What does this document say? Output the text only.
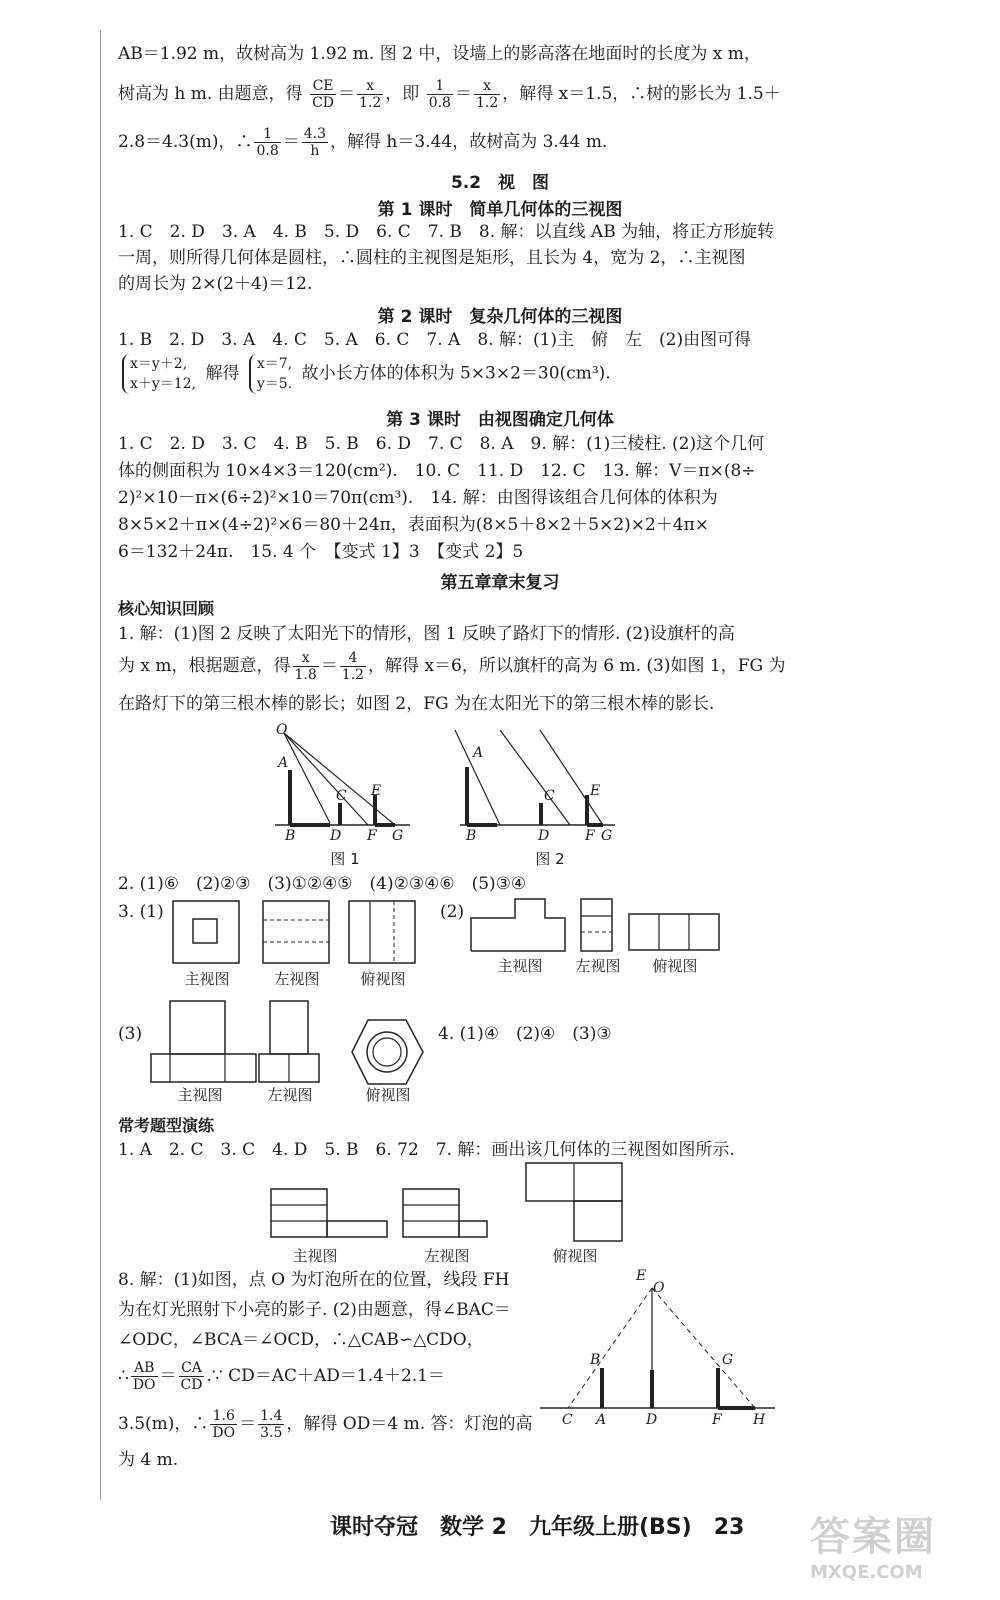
AB＝1.92 m，故树高为 1.92 m. 图 2 中，设墙上的影高落在地面时的长度为 x m，
树高为 h m. 由题意，得 $\frac{CE}{CD} = \frac{x}{1.2}$ ，即 $\frac{1}{0.8} = \frac{x}{1.2}$ ，解得 x＝1.5，∴树的影长为 1.5＋
2.8＝4.3(m)，∴ $\frac{1}{0.8} = \frac{4.3}{h}$ ，解得 h＝3.44，故树高为 3.44 m.
5.2　视　图
第 1 课时　简单几何体的三视图
1. C　2. D　3. A　4. B　5. D　6. C　7. B　8. 解：以直线 AB 为轴，将正方形旋转
一周，则所得几何体是圆柱，∴圆柱的主视图是矩形，且长为 4，宽为 2，∴主视图
的周长为 2×(2＋4)＝12.
第 2 课时　复杂几何体的三视图
1. B　2. D　3. A　4. C　5. A　6. C　7. A　8. 解：(1)主　俯　左　(2)由图可得
x＝y＋2,
x＋y＝12, 解得 x＝7,
y＝5. 故小长方体的体积为 5×3×2＝30(cm³).
第 3 课时　由视图确定几何体
1. C　2. D　3. C　4. B　5. B　6. D　7. C　8. A　9. 解：(1)三棱柱. (2)这个几何
体的侧面积为 10×4×3＝120(cm²).　10. C　11. D　12. C　13. 解：V＝π×(8÷
2)²×10－π×(6÷2)²×10＝70π(cm³).　14. 解：由图得该组合几何体的体积为
8×5×2＋π×(4÷2)²×6＝80＋24π，表面积为(8×5＋8×2＋5×2)×2＋4π×
6＝132＋24π.　15. 4 个　【变式 1】3　【变式 2】5
第五章章末复习
核心知识回顾
1. 解：(1)图 2 反映了太阳光下的情形，图 1 反映了路灯下的情形. (2)设旗杆的高
为 x m，根据题意，得 $\frac{x}{1.8} = \frac{4}{1.2}$ ，解得 x＝6，所以旗杆的高为 6 m. (3)如图 1，FG 为
在路灯下的第三根木棒的影长；如图 2，FG 为在太阳光下的第三根木棒的影长.
O
A
C E
B D F G
图 1
A
C	E
B	D	F G
图 2
2. (1)⑥　(2)②③　(3)①②④⑤　(4)②③④⑥　(5)③④
3. (1)
主视图	左视图	俯视图
(2)
主视图	左视图	俯视图
(3)	4. (1)④　(2)④　(3)③
主视图	左视图	俯视图
常考题型演练
1. A　2. C　3. C　4. D　5. B　6. 72　7. 解：画出该几何体的三视图如图所示.
主视图	左视图	俯视图
8. 解：(1)如图，点 O 为灯泡所在的位置，线段 FH
为在灯光照射下小亮的影子. (2)由题意，得∠BAC＝
∠ODC，∠BCA＝∠OCD，∴△CAB∽△CDO，
∴ $\frac{AB}{DO} = \frac{CA}{CD}$ .∵ CD＝AC＋AD＝1.4＋2.1＝
3.5(m)，∴ $\frac{1.6}{DO} = \frac{1.4}{3.5}$ ，解得 OD＝4 m. 答：灯泡的高
为 4 m.
E
O
B	G
C A	D	F H
课时夺冠　数学 2　九年级上册(BS)　23 答案圈
MXQE.COM
